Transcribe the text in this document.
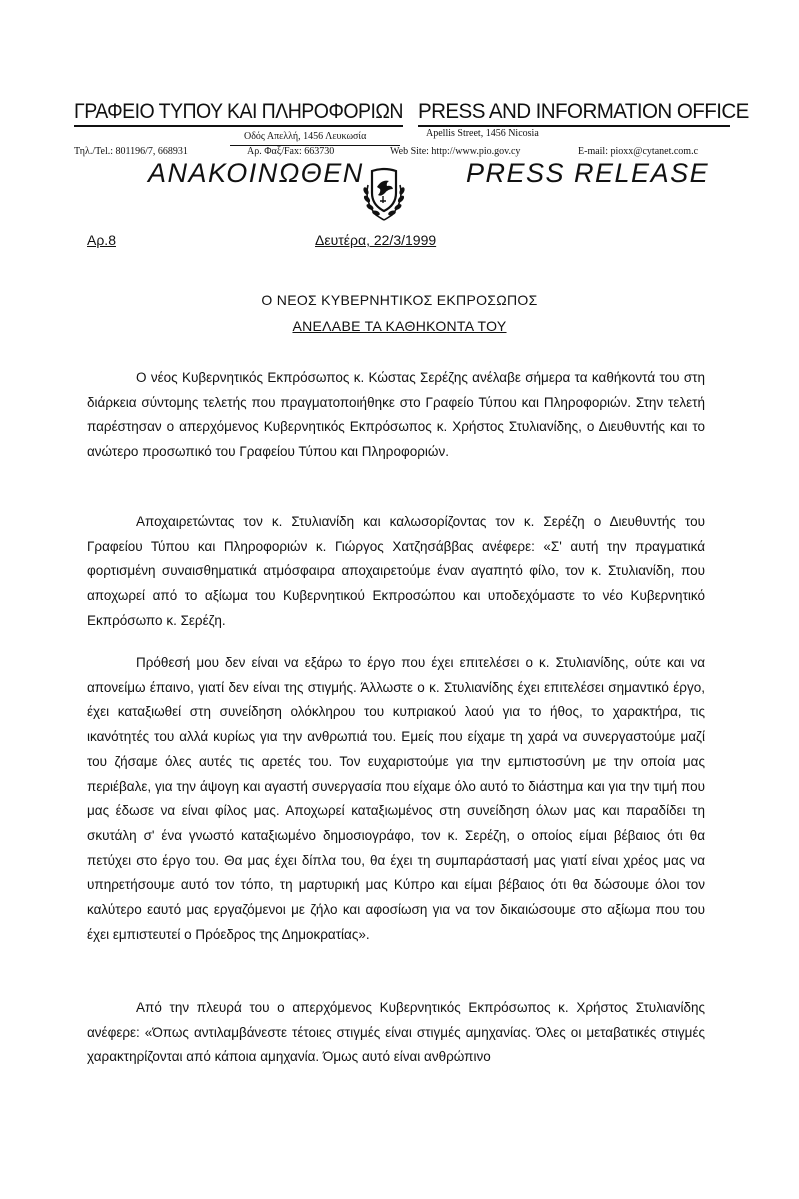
ΓΡΑΦΕΙΟ ΤΥΠΟΥ ΚΑΙ ΠΛΗΡΟΦΟΡΙΩΝ PRESS AND INFORMATION OFFICE
Οδός Απελλή, 1456 Λευκωσία	Apellis Street, 1456 Nicosia
Τηλ./Tel.: 801196/7, 668931	Αρ. Φαξ/Fax: 663730	Web Site: http://www.pio.gov.cy	E-mail: pioxx@cytanet.com.c
ΑΝΑΚΟΙΝΩΘΕΝ	PRESS RELEASE
Αρ.8	Δευτέρα, 22/3/1999
Ο ΝΕΟΣ ΚΥΒΕΡΝΗΤΙΚΟΣ ΕΚΠΡΟΣΩΠΟΣ
ΑΝΕΛΑΒΕ ΤΑ ΚΑΘΗΚΟΝΤΑ ΤΟΥ

Ο νέος Κυβερνητικός Εκπρόσωπος κ. Κώστας Σερέζης ανέλαβε σήμερα τα καθήκοντά του στη διάρκεια σύντομης τελετής που πραγματοποιήθηκε στο Γραφείο Τύπου και Πληροφοριών. Στην τελετή παρέστησαν ο απερχόμενος Κυβερνητικός Εκπρόσωπος κ. Χρήστος Στυλιανίδης, ο Διευθυντής και το ανώτερο προσωπικό του Γραφείου Τύπου και Πληροφοριών.

Αποχαιρετώντας τον κ. Στυλιανίδη και καλωσορίζοντας τον κ. Σερέζη ο Διευθυντής του Γραφείου Τύπου και Πληροφοριών κ. Γιώργος Χατζησάββας ανέφερε: «Σ' αυτή την πραγματικά φορτισμένη συναισθηματικά ατμόσφαιρα αποχαιρετούμε έναν αγαπητό φίλο, τον κ. Στυλιανίδη, που αποχωρεί από το αξίωμα του Κυβερνητικού Εκπροσώπου και υποδεχόμαστε το νέο Κυβερνητικό Εκπρόσωπο κ. Σερέζη.

Πρόθεσή μου δεν είναι να εξάρω το έργο που έχει επιτελέσει ο κ. Στυλιανίδης, ούτε και να απονείμω έπαινο, γιατί δεν είναι της στιγμής. Άλλωστε ο κ. Στυλιανίδης έχει επιτελέσει σημαντικό έργο, έχει καταξιωθεί στη συνείδηση ολόκληρου του κυπριακού λαού για το ήθος, το χαρακτήρα, τις ικανότητές του αλλά κυρίως για την ανθρωπιά του. Εμείς που είχαμε τη χαρά να συνεργαστούμε μαζί του ζήσαμε όλες αυτές τις αρετές του. Τον ευχαριστούμε για την εμπιστοσύνη με την οποία μας περιέβαλε, για την άψογη και αγαστή συνεργασία που είχαμε όλο αυτό το διάστημα και για την τιμή που μας έδωσε να είναι φίλος μας. Αποχωρεί καταξιωμένος στη συνείδηση όλων μας και παραδίδει τη σκυτάλη σ' ένα γνωστό καταξιωμένο δημοσιογράφο, τον κ. Σερέζη, ο οποίος είμαι βέβαιος ότι θα πετύχει στο έργο του. Θα μας έχει δίπλα του, θα έχει τη συμπαράστασή μας γιατί είναι χρέος μας να υπηρετήσουμε αυτό τον τόπο, τη μαρτυρική μας Κύπρο και είμαι βέβαιος ότι θα δώσουμε όλοι τον καλύτερο εαυτό μας εργαζόμενοι με ζήλο και αφοσίωση για να τον δικαιώσουμε στο αξίωμα που του έχει εμπιστευτεί ο Πρόεδρος της Δημοκρατίας».

Από την πλευρά του ο απερχόμενος Κυβερνητικός Εκπρόσωπος κ. Χρήστος Στυλιανίδης ανέφερε: «Όπως αντιλαμβάνεστε τέτοιες στιγμές είναι στιγμές αμηχανίας. Όλες οι μεταβατικές στιγμές χαρακτηρίζονται από κάποια αμηχανία. Όμως αυτό είναι ανθρώπινο
